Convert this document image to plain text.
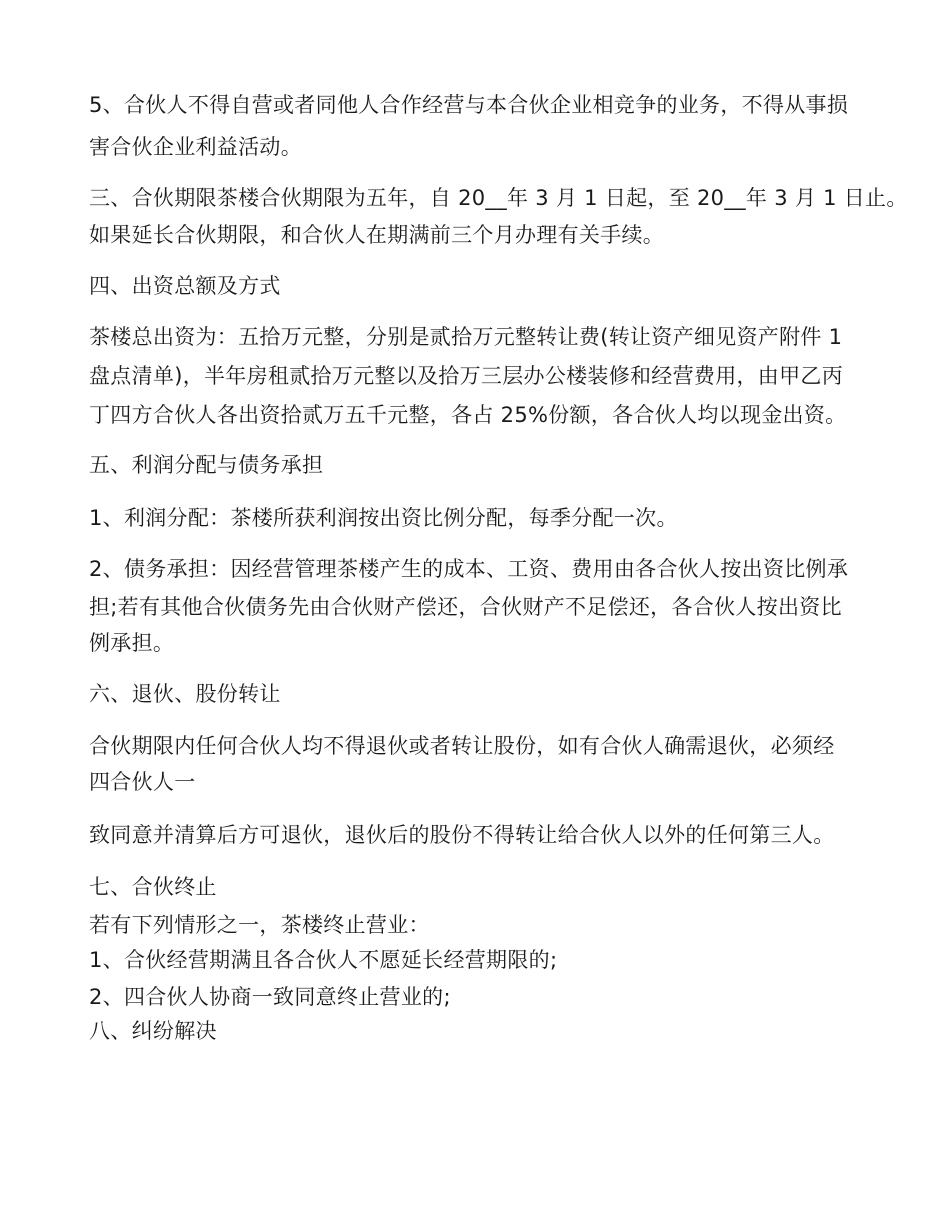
5、合伙人不得自营或者同他人合作经营与本合伙企业相竞争的业务，不得从事损
害合伙企业利益活动。
三、合伙期限茶楼合伙期限为五年，自 20__年 3 月 1 日起，至 20__年 3 月 1 日止。
如果延长合伙期限，和合伙人在期满前三个月办理有关手续。
四、出资总额及方式
茶楼总出资为：五拾万元整，分别是贰拾万元整转让费(转让资产细见资产附件 1
盘点清单)，半年房租贰拾万元整以及拾万三层办公楼装修和经营费用，由甲乙丙
丁四方合伙人各出资拾贰万五千元整，各占 25%份额，各合伙人均以现金出资。
五、利润分配与债务承担
1、利润分配：茶楼所获利润按出资比例分配，每季分配一次。
2、债务承担：因经营管理茶楼产生的成本、工资、费用由各合伙人按出资比例承
担;若有其他合伙债务先由合伙财产偿还，合伙财产不足偿还，各合伙人按出资比
例承担。
六、退伙、股份转让
合伙期限内任何合伙人均不得退伙或者转让股份，如有合伙人确需退伙，必须经
四合伙人一
致同意并清算后方可退伙，退伙后的股份不得转让给合伙人以外的任何第三人。
七、合伙终止
若有下列情形之一，茶楼终止营业：
1、合伙经营期满且各合伙人不愿延长经营期限的;
2、四合伙人协商一致同意终止营业的;
八、纠纷解决
